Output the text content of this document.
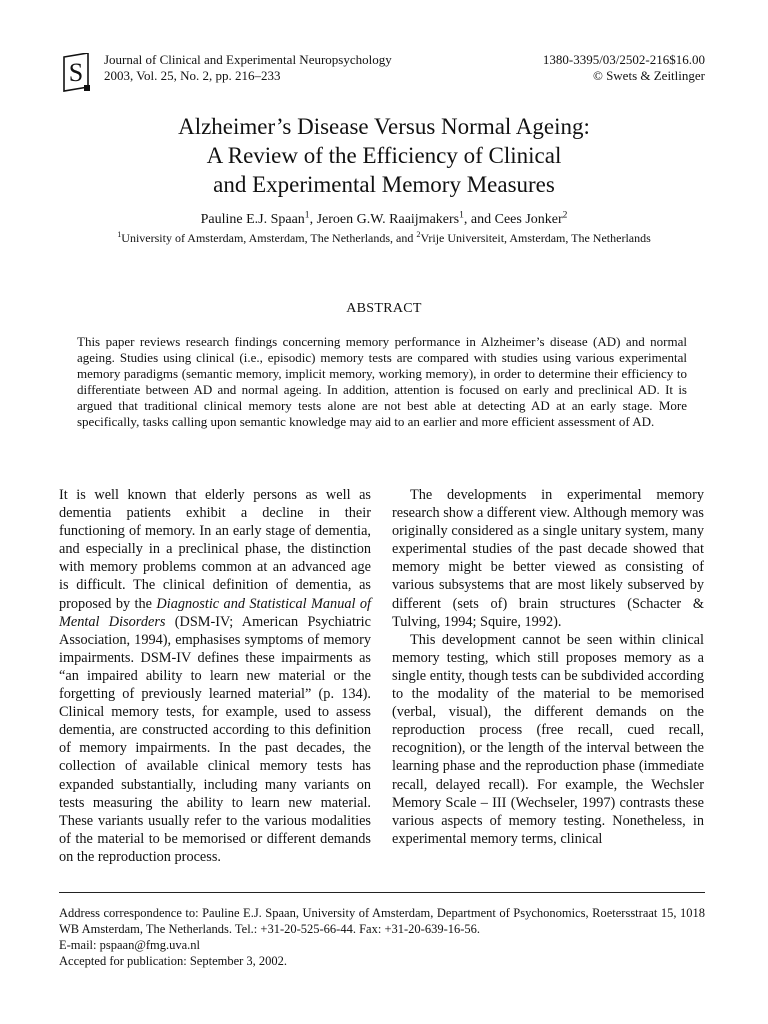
S Journal of Clinical and Experimental Neuropsychology
2003, Vol. 25, No. 2, pp. 216–233
1380-3395/03/2502-216$16.00
© Swets & Zeitlinger
Alzheimer’s Disease Versus Normal Ageing:
A Review of the Efficiency of Clinical
and Experimental Memory Measures
Pauline E.J. Spaan$^1$, Jeroen G.W. Raaijmakers$^1$, and Cees Jonker$^2$
$^1$University of Amsterdam, Amsterdam, The Netherlands, and $^2$Vrije Universiteit, Amsterdam, The Netherlands
ABSTRACT
This paper reviews research findings concerning memory performance in Alzheimer’s disease (AD) and normal ageing. Studies using clinical (i.e., episodic) memory tests are compared with studies using various experimental memory paradigms (semantic memory, implicit memory, working memory), in order to determine their efficiency to differentiate between AD and normal ageing. In addition, attention is focused on early and preclinical AD. It is argued that traditional clinical memory tests alone are not best able at detecting AD at an early stage. More specifically, tasks calling upon semantic knowledge may aid to an earlier and more efficient assessment of AD.

It is well known that elderly persons as well as dementia patients exhibit a decline in their functioning of memory. In an early stage of dementia, and especially in a preclinical phase, the distinction with memory problems common at an advanced age is difficult. The clinical definition of dementia, as proposed by the Diagnostic and Statistical Manual of Mental Disorders (DSM-IV; American Psychiatric Association, 1994), emphasises symptoms of memory impairments. DSM-IV defines these impairments as “an impaired ability to learn new material or the forgetting of previously learned material” (p. 134). Clinical memory tests, for example, used to assess dementia, are constructed according to this definition of memory impairments. In the past decades, the collection of available clinical memory tests has expanded substantially, including many variants on tests measuring the ability to learn new material. These variants usually refer to the various modalities of the material to be memorised or different demands on the reproduction process.

The developments in experimental memory research show a different view. Although memory was originally considered as a single unitary system, many experimental studies of the past decade showed that memory might be better viewed as consisting of various subsystems that are most likely subserved by different (sets of) brain structures (Schacter & Tulving, 1994; Squire, 1992).

This development cannot be seen within clinical memory testing, which still proposes memory as a single entity, though tests can be subdivided according to the modality of the material to be memorised (verbal, visual), the different demands on the reproduction process (free recall, cued recall, recognition), or the length of the interval between the learning phase and the reproduction phase (immediate recall, delayed recall). For example, the Wechsler Memory Scale – III (Wechseler, 1997) contrasts these various aspects of memory testing. Nonetheless, in experimental memory terms, clinical

Address correspondence to: Pauline E.J. Spaan, University of Amsterdam, Department of Psychonomics, Roetersstraat 15, 1018 WB Amsterdam, The Netherlands. Tel.: +31-20-525-66-44. Fax: +31-20-639-16-56.
E-mail: pspaan@fmg.uva.nl
Accepted for publication: September 3, 2002.
